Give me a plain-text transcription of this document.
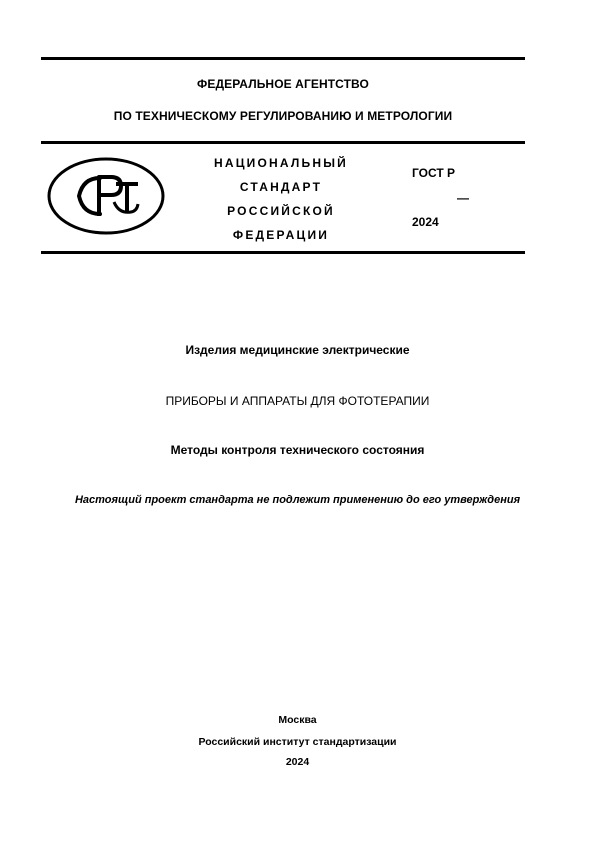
ФЕДЕРАЛЬНОЕ АГЕНТСТВО
ПО ТЕХНИЧЕСКОМУ РЕГУЛИРОВАНИЮ И МЕТРОЛОГИИ
НАЦИОНАЛЬНЫЙ
СТАНДАРТ
РОССИЙСКОЙ
ФЕДЕРАЦИИ
ГОСТ Р
—
2024
Изделия медицинские электрические
ПРИБОРЫ И АППАРАТЫ ДЛЯ ФОТОТЕРАПИИ
Методы контроля технического состояния
Настоящий проект стандарта не подлежит применению до его утверждения
Москва
Российский институт стандартизации
2024
